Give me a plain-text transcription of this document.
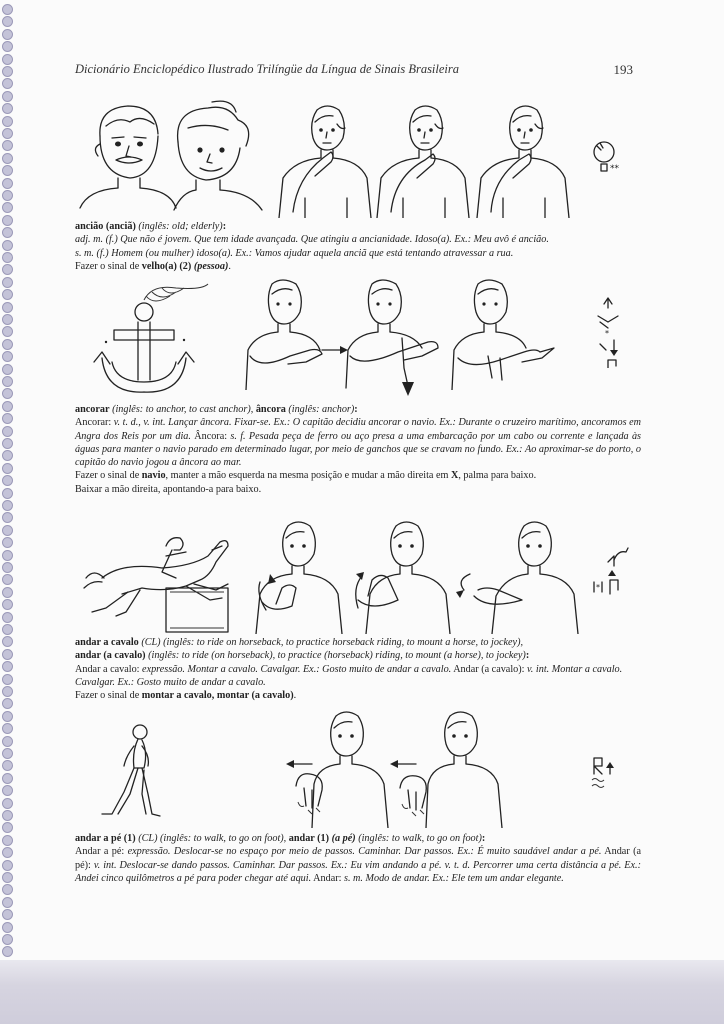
Dicionário Enciclopédico Ilustrado Trilíngüe da Língua de Sinais Brasileira	193
**

ancião (anciã) (inglês: old; elderly):

adj. m. (f.) Que não é jovem. Que tem idade avançada. Que atingiu a ancianidade. Idoso(a). Ex.: Meu avô é ancião.

s. m. (f.) Homem (ou mulher) idoso(a). Ex.: Vamos ajudar aquela anciã que está tentando atravessar a rua.

Fazer o sinal de velho(a) (2) (pessoa).

*

ancorar (inglês: to anchor, to cast anchor), âncora (inglês: anchor):

Ancorar: v. t. d., v. int. Lançar âncora. Fixar-se. Ex.: O capitão decidiu ancorar o navio. Ex.: Durante o cruzeiro marítimo, ancoramos em Angra dos Reis por um dia. Âncora: s. f. Pesada peça de ferro ou aço presa a uma embarcação por um cabo ou corrente e lançada às águas para manter o navio parado em determinado lugar, por meio de ganchos que se cravam no fundo. Ex.: Ao aproximar-se do porto, o capitão do navio jogou a âncora ao mar.

Fazer o sinal de navio, manter a mão esquerda na mesma posição e mudar a mão direita em X, palma para baixo.

Baixar a mão direita, apontando-a para baixo.

*

andar a cavalo (CL) (inglês: to ride on horseback, to practice horseback riding, to mount a horse, to jockey),

andar (a cavalo) (inglês: to ride (on horseback), to practice (horseback) riding, to mount (a horse), to jockey):

Andar a cavalo: expressão. Montar a cavalo. Cavalgar. Ex.: Gosto muito de andar a cavalo. Andar (a cavalo): v. int. Montar a cavalo. Cavalgar. Ex.: Gosto muito de andar a cavalo.

Fazer o sinal de montar a cavalo, montar (a cavalo).

andar a pé (1) (CL) (inglês: to walk, to go on foot), andar (1) (a pé) (inglês: to walk, to go on foot):

Andar a pé: expressão. Deslocar-se no espaço por meio de passos. Caminhar. Dar passos. Ex.: É muito saudável andar a pé. Andar (a pé): v. int. Deslocar-se dando passos. Caminhar. Dar passos. Ex.: Eu vim andando a pé. v. t. d. Percorrer uma certa distância a pé. Ex.: Andei cinco quilômetros a pé para poder chegar até aqui. Andar: s. m. Modo de andar. Ex.: Ele tem um andar elegante.
